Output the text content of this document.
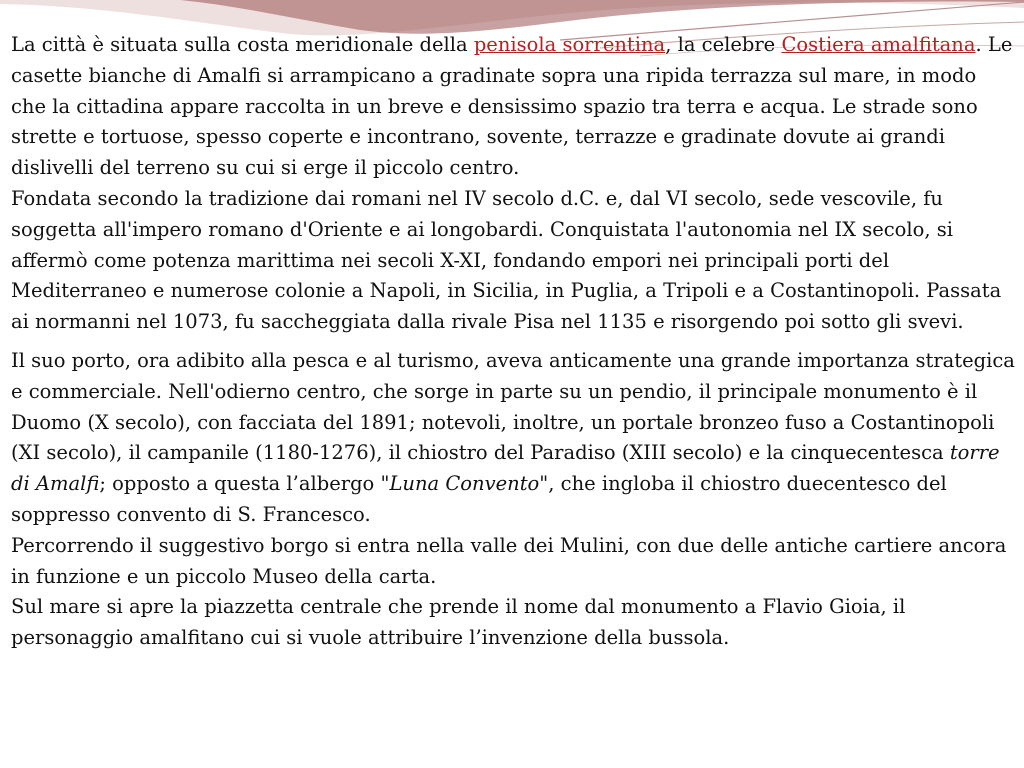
La città è situata sulla costa meridionale della penisola sorrentina, la celebre Costiera amalfitana. Le casette bianche di Amalfi si arrampicano a gradinate sopra una ripida terrazza sul mare, in modo che la cittadina appare raccolta in un breve e densissimo spazio tra terra e acqua. Le strade sono strette e tortuose, spesso coperte e incontrano, sovente, terrazze e gradinate dovute ai grandi dislivelli del terreno su cui si erge il piccolo centro.

Fondata secondo la tradizione dai romani nel IV secolo d.C. e, dal VI secolo, sede vescovile, fu soggetta all'impero romano d'Oriente e ai longobardi. Conquistata l'autonomia nel IX secolo, si affermò come potenza marittima nei secoli X-XI, fondando empori nei principali porti del Mediterraneo e numerose colonie a Napoli, in Sicilia, in Puglia, a Tripoli e a Costantinopoli. Passata ai normanni nel 1073, fu saccheggiata dalla rivale Pisa nel 1135 e risorgendo poi sotto gli svevi.

Il suo porto, ora adibito alla pesca e al turismo, aveva anticamente una grande importanza strategica e commerciale. Nell'odierno centro, che sorge in parte su un pendio, il principale monumento è il Duomo (X secolo), con facciata del 1891; notevoli, inoltre, un portale bronzeo fuso a Costantinopoli (XI secolo), il campanile (1180-1276), il chiostro del Paradiso (XIII secolo) e la cinquecentesca torre di Amalfi; opposto a questa l’albergo "Luna Convento", che ingloba il chiostro duecentesco del soppresso convento di S. Francesco.

Percorrendo il suggestivo borgo si entra nella valle dei Mulini, con due delle antiche cartiere ancora in funzione e un piccolo Museo della carta.

Sul mare si apre la piazzetta centrale che prende il nome dal monumento a Flavio Gioia, il personaggio amalfitano cui si vuole attribuire l’invenzione della bussola.
